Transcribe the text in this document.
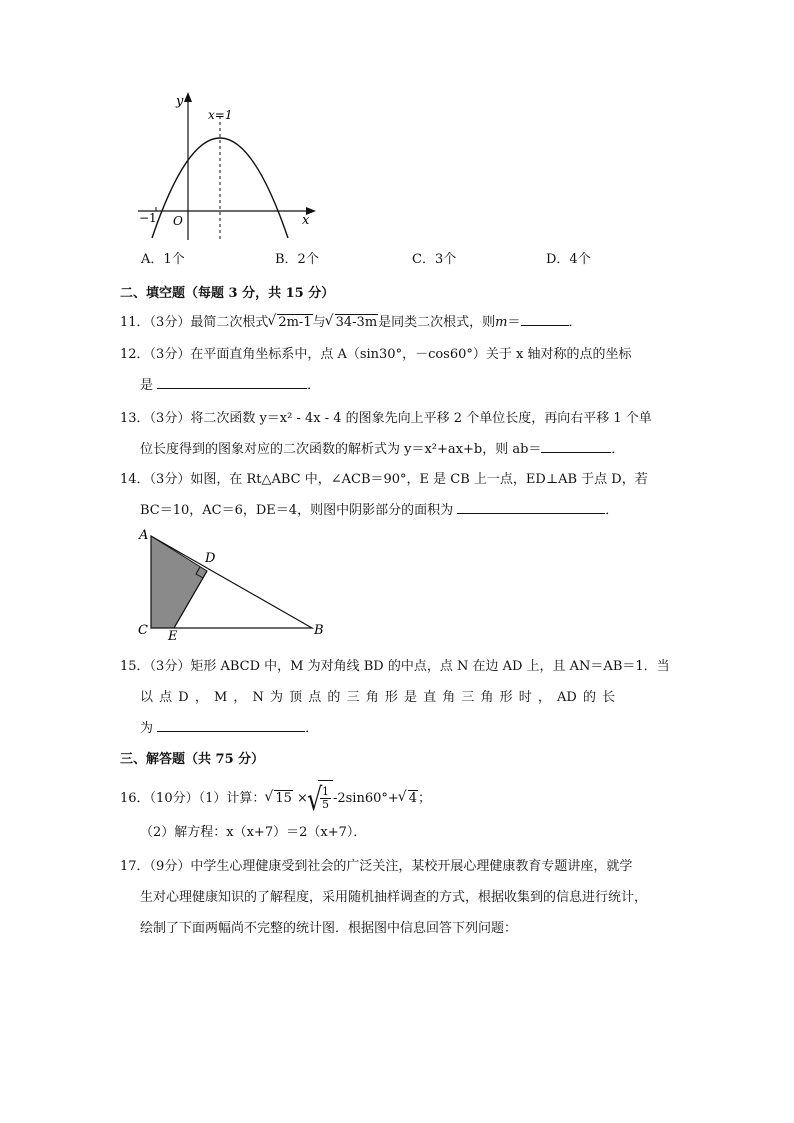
y
x
O
−1
x=1
A．1个	B．2个	C．3个	D．4个
二、填空题（每题 3 分，共 15 分）
11．（3分）最简二次根式√ 2m-1与√ 34-3m是同类二次根式，则m＝	．
12．（3分）在平面直角坐标系中，点 A（sin30°，－cos60°）关于 x 轴对称的点的坐标
是	．
13．（3分）将二次函数 y＝x² - 4x - 4 的图象先向上平移 2 个单位长度，再向右平移 1 个单
位长度得到的图象对应的二次函数的解析式为 y＝x²+ax+b，则 ab＝	．
14．（3分）如图，在 Rt△ABC 中，∠ACB＝90°，E 是 CB 上一点，ED⊥AB 于点 D，若
BC＝10，AC＝6，DE＝4，则图中阴影部分的面积为	．
A
D
C E	B
15．（3分）矩形 ABCD 中，M 为对角线 BD 的中点，点 N 在边 AD 上，且 AN＝AB＝1．当
以 点 D ， M ， N 为 顶 点 的 三 角 形 是 直 角 三 角 形 时 ， AD 的 长
为	．
三、解答题（共 75 分）
16．（10分）（1）计算：√ 15 ×
√ $\frac{1}{5} -2\sin 60^\circ+√$ 4；
（2）解方程：x（x+7）＝2（x+7）．
17．（9分）中学生心理健康受到社会的广泛关注，某校开展心理健康教育专题讲座，就学
生对心理健康知识的了解程度，采用随机抽样调查的方式，根据收集到的信息进行统计，
绘制了下面两幅尚不完整的统计图．根据图中信息回答下列问题：
